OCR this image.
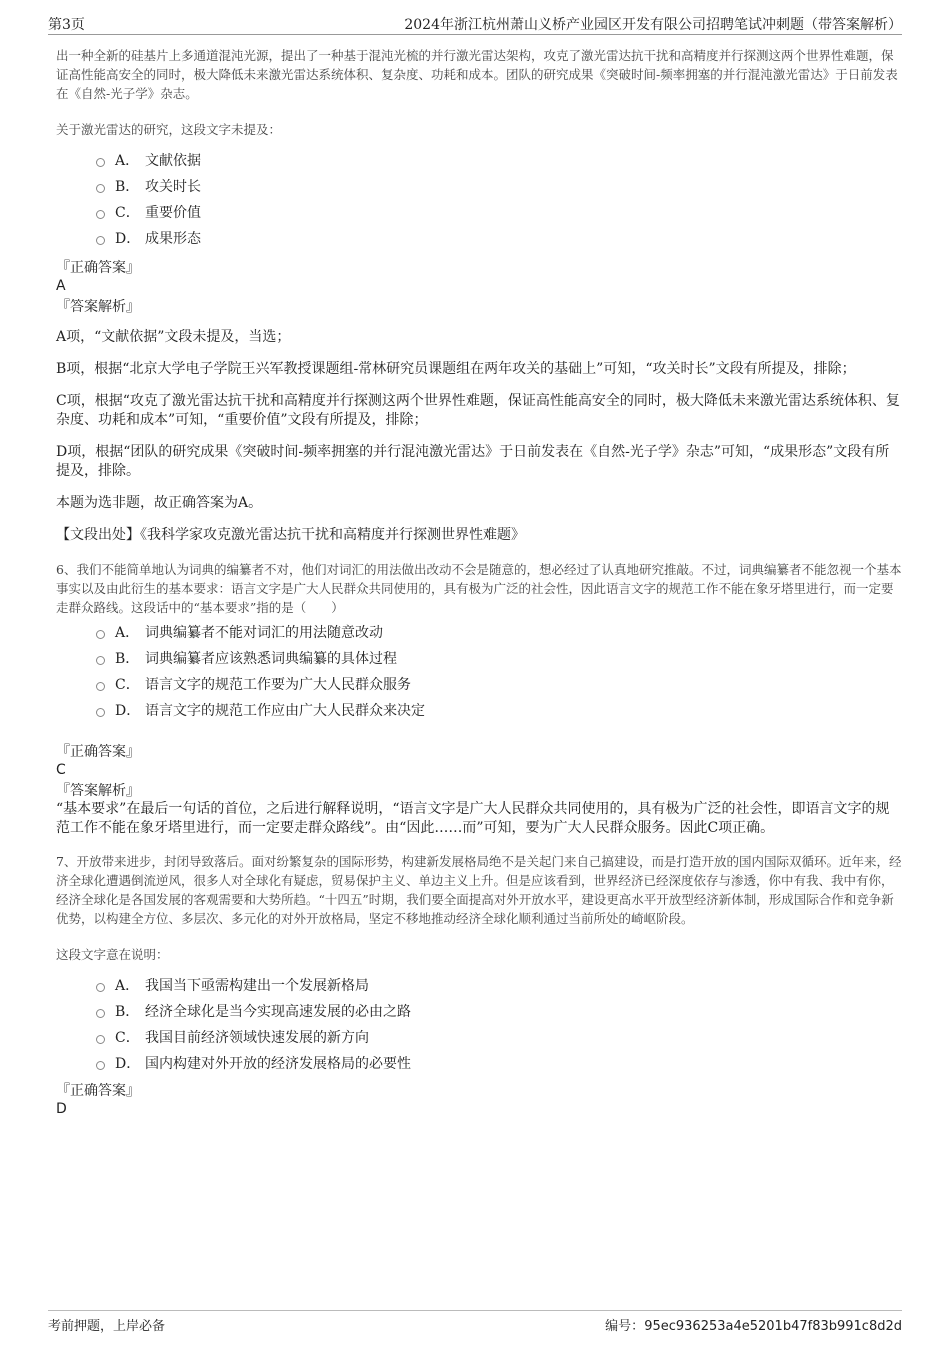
第3页	2024年浙江杭州萧山义桥产业园区开发有限公司招聘笔试冲刺题（带答案解析）

出一种全新的硅基片上多通道混沌光源，提出了一种基于混沌光梳的并行激光雷达架构，攻克了激光雷达抗干扰和高精度并行探测这两个世界性难题，保证高性能高安全的同时，极大降低未来激光雷达系统体积、复杂度、功耗和成本。团队的研究成果《突破时间-频率拥塞的并行混沌激光雷达》于日前发表在《自然-光子学》杂志。

关于激光雷达的研究，这段文字未提及：

A． 文献依据
B． 攻关时长
C． 重要价值
D． 成果形态

『正确答案』

A

『答案解析』

A项，“文献依据”文段未提及，当选；

B项，根据“北京大学电子学院王兴军教授课题组-常林研究员课题组在两年攻关的基础上”可知，“攻关时长”文段有所提及，排除；

C项，根据“攻克了激光雷达抗干扰和高精度并行探测这两个世界性难题，保证高性能高安全的同时，极大降低未来激光雷达系统体积、复杂度、功耗和成本”可知，“重要价值”文段有所提及，排除；

D项，根据“团队的研究成果《突破时间-频率拥塞的并行混沌激光雷达》于日前发表在《自然-光子学》杂志”可知，“成果形态”文段有所提及，排除。

本题为选非题，故正确答案为A。

【文段出处】《我科学家攻克激光雷达抗干扰和高精度并行探测世界性难题》

6、我们不能简单地认为词典的编纂者不对，他们对词汇的用法做出改动不会是随意的，想必经过了认真地研究推敲。不过，词典编纂者不能忽视一个基本事实以及由此衍生的基本要求：语言文字是广大人民群众共同使用的，具有极为广泛的社会性，因此语言文字的规范工作不能在象牙塔里进行，而一定要走群众路线。这段话中的“基本要求”指的是（　　）

A． 词典编纂者不能对词汇的用法随意改动
B． 词典编纂者应该熟悉词典编纂的具体过程
C． 语言文字的规范工作要为广大人民群众服务
D． 语言文字的规范工作应由广大人民群众来决定

『正确答案』

C

『答案解析』

“基本要求”在最后一句话的首位，之后进行解释说明，“语言文字是广大人民群众共同使用的，具有极为广泛的社会性，即语言文字的规范工作不能在象牙塔里进行，而一定要走群众路线”。由“因此……而”可知，要为广大人民群众服务。因此C项正确。

7、开放带来进步，封闭导致落后。面对纷繁复杂的国际形势，构建新发展格局绝不是关起门来自己搞建设，而是打造开放的国内国际双循环。近年来，经济全球化遭遇倒流逆风，很多人对全球化有疑虑，贸易保护主义、单边主义上升。但是应该看到，世界经济已经深度依存与渗透，你中有我、我中有你，经济全球化是各国发展的客观需要和大势所趋。“十四五”时期，我们要全面提高对外开放水平，建设更高水平开放型经济新体制，形成国际合作和竞争新优势，以构建全方位、多层次、多元化的对外开放格局，坚定不移地推动经济全球化顺利通过当前所处的崎岖阶段。

这段文字意在说明：

A． 我国当下亟需构建出一个发展新格局
B． 经济全球化是当今实现高速发展的必由之路
C． 我国目前经济领域快速发展的新方向
D． 国内构建对外开放的经济发展格局的必要性

『正确答案』

D

考前押题，上岸必备	编号：95ec936253a4e5201b47f83b991c8d2d
